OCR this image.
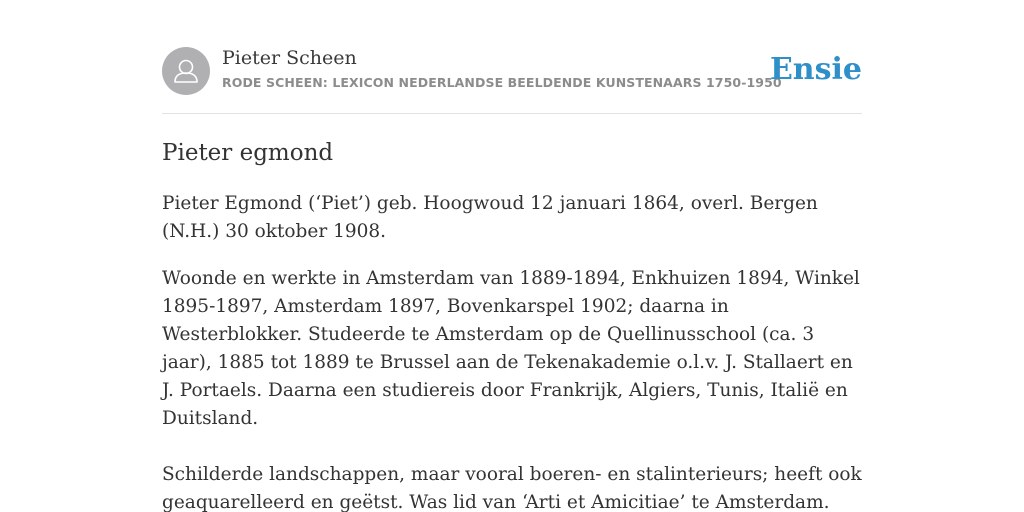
Pieter Scheen
RODE SCHEEN: LEXICON NEDERLANDSE BEELDENDE KUNSTENAARS 1750-1950
Ensie
Pieter egmond

Pieter Egmond (‘Piet’) geb. Hoogwoud 12 januari 1864, overl. Bergen (N.H.) 30 oktober 1908.

Woonde en werkte in Amsterdam van 1889-1894, Enkhuizen 1894, Winkel 1895-1897, Amsterdam 1897, Bovenkarspel 1902; daarna in Westerblokker. Studeerde te Amsterdam op de Quellinusschool (ca. 3 jaar), 1885 tot 1889 te Brussel aan de Tekenakademie o.l.v. J. Stallaert en J. Portaels. Daarna een studiereis door Frankrijk, Algiers, Tunis, Italië en Duitsland.

Schilderde landschappen, maar vooral boeren- en stalinterieurs; heeft ook geaquarelleerd en geëtst. Was lid van ‘Arti et Amicitiae’ te Amsterdam.
